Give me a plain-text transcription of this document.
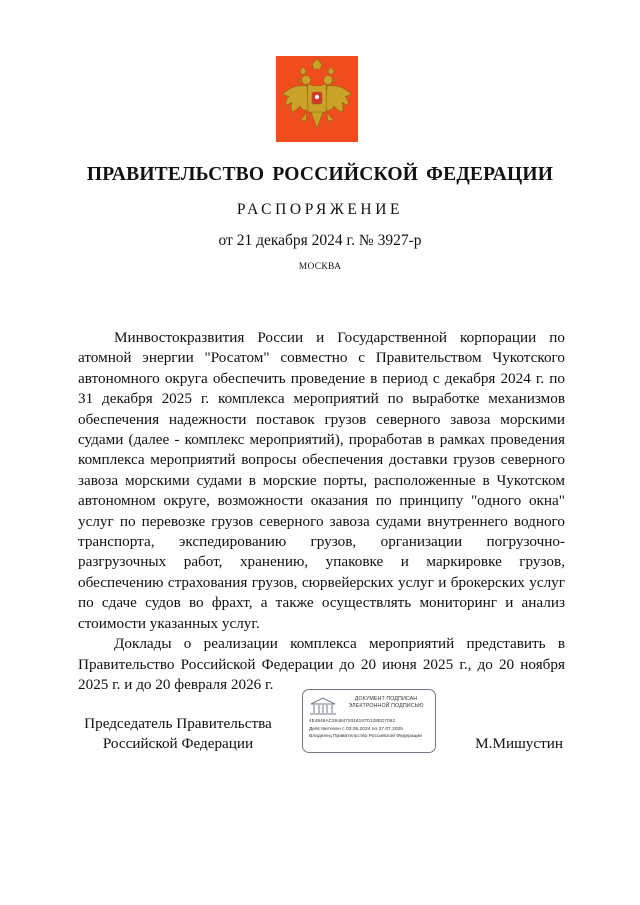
ПРАВИТЕЛЬСТВО РОССИЙСКОЙ ФЕДЕРАЦИИ
РАСПОРЯЖЕНИЕ
от 21 декабря 2024 г. № 3927-р
МОСКВА

Минвостокразвития России и Государственной корпорации по атомной энергии "Росатом" совместно с Правительством Чукотского автономного округа обеспечить проведение в период с декабря 2024 г. по 31 декабря 2025 г. комплекса мероприятий по выработке механизмов обеспечения надежности поставок грузов северного завоза морскими судами (далее - комплекс мероприятий), проработав в рамках проведения комплекса мероприятий вопросы обеспечения доставки грузов северного завоза морскими судами в морские порты, расположенные в Чукотском автономном округе, возможности оказания по принципу "одного окна" услуг по перевозке грузов северного завоза судами внутреннего водного транспорта, экспедированию грузов, организации погрузочно-разгрузочных работ, хранению, упаковке и маркировке грузов, обеспечению страхования грузов, сюрвейерских услуг и брокерских услуг по сдаче судов во фрахт, а также осуществлять мониторинг и анализ стоимости указанных услуг.

Доклады о реализации комплекса мероприятий представить в Правительство Российской Федерации до 20 июня 2025 г., до 20 ноября 2025 г. и до 20 февраля 2026 г.

Председатель Правительства
Российской Федерации
ДОКУМЕНТ ПОДПИСАН
ЭЛЕКТРОННОЙ ПОДПИСЬЮ
4E4848AC2848479318197D128ED7062
Действителен с 03.05.2024 по 27.07.2025
Владелец Правительство Российской Федерации	М.Мишустин
